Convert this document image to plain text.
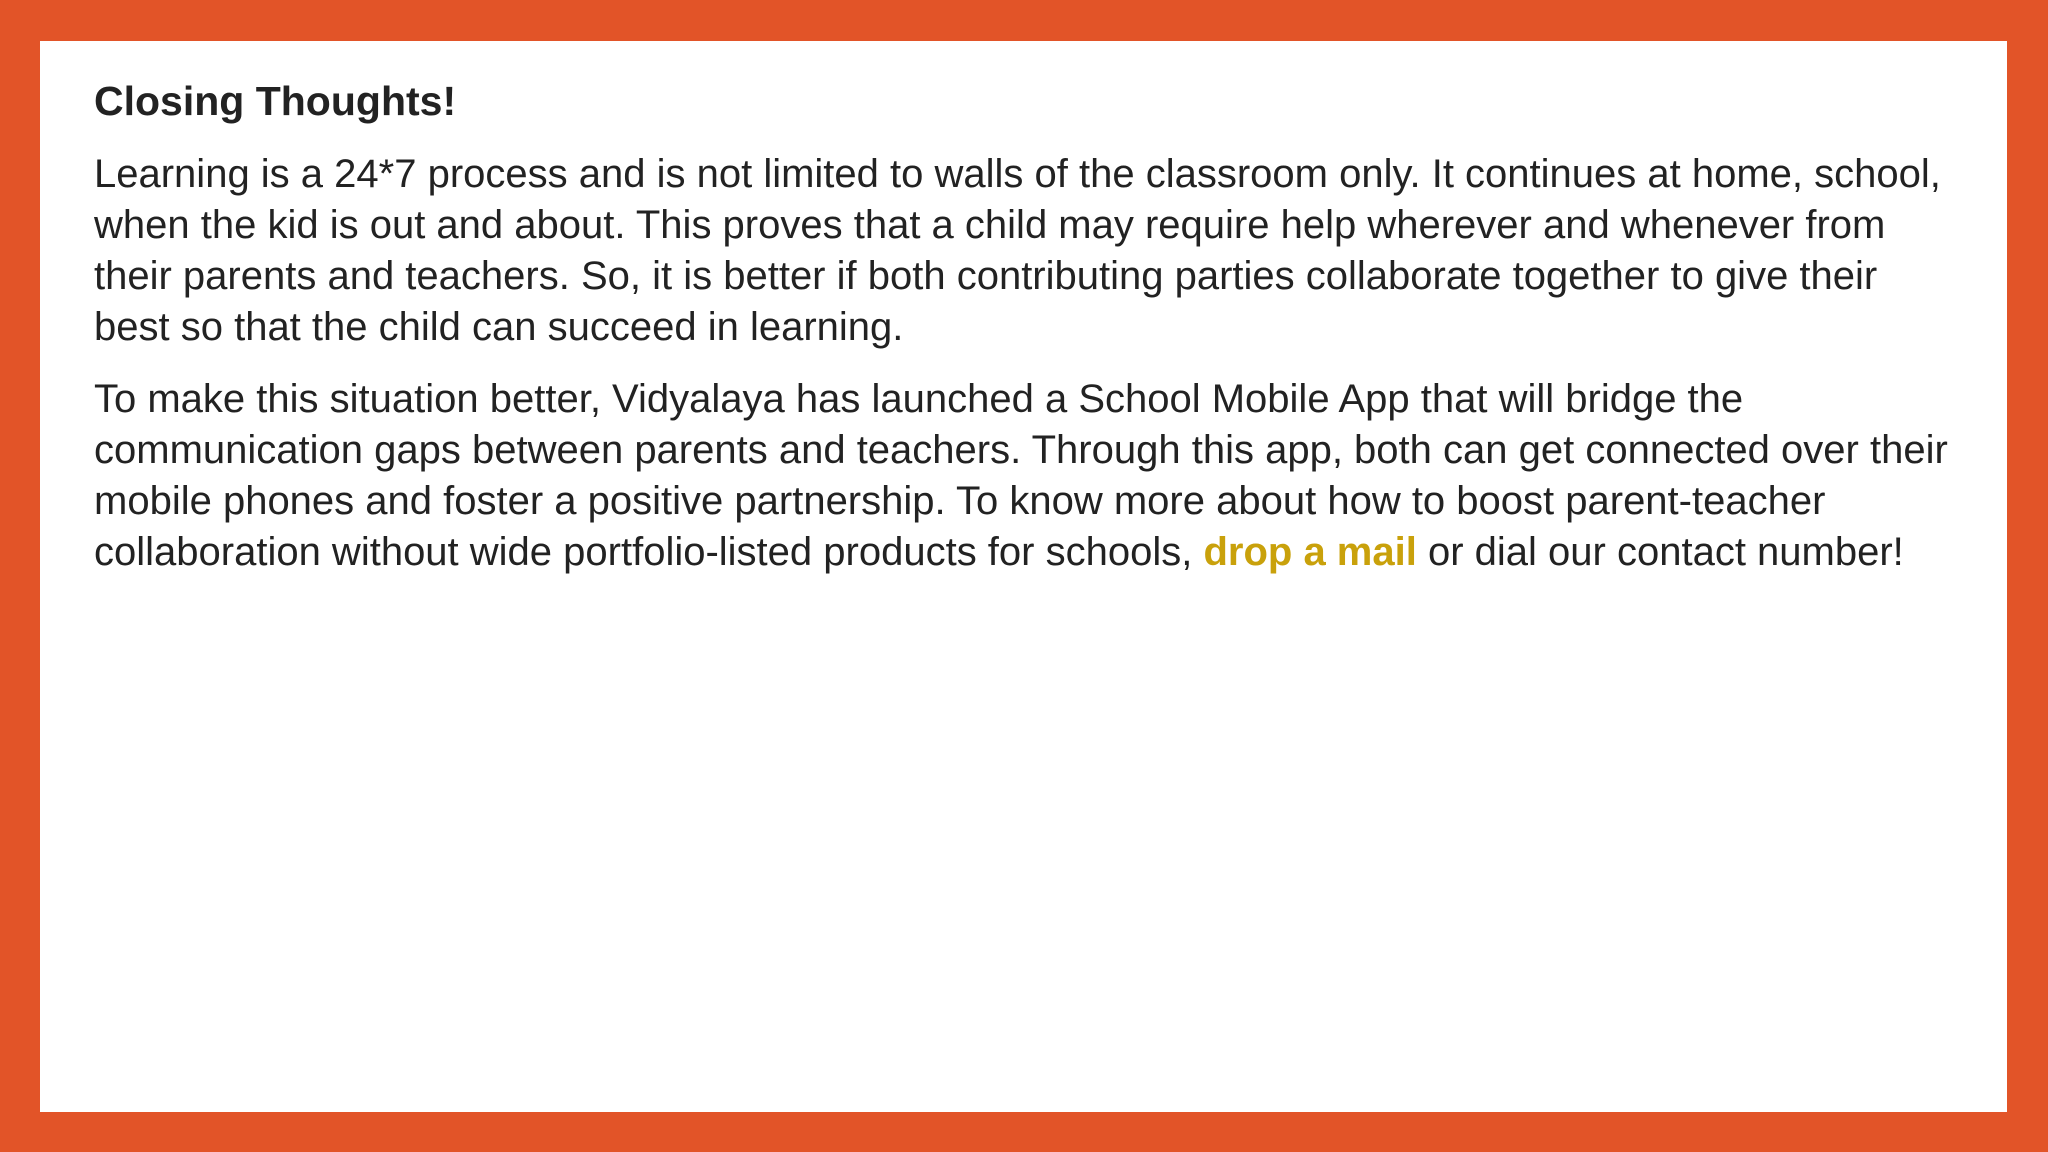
Closing Thoughts!

Learning is a 24*7 process and is not limited to walls of the classroom only. It continues at home, school, when the kid is out and about. This proves that a child may require help wherever and whenever from their parents and teachers. So, it is better if both contributing parties collaborate together to give their best so that the child can succeed in learning.

To make this situation better, Vidyalaya has launched a School Mobile App that will bridge the communication gaps between parents and teachers. Through this app, both can get connected over their mobile phones and foster a positive partnership. To know more about how to boost parent-teacher collaboration without wide portfolio-listed products for schools, drop a mail or dial our contact number!
